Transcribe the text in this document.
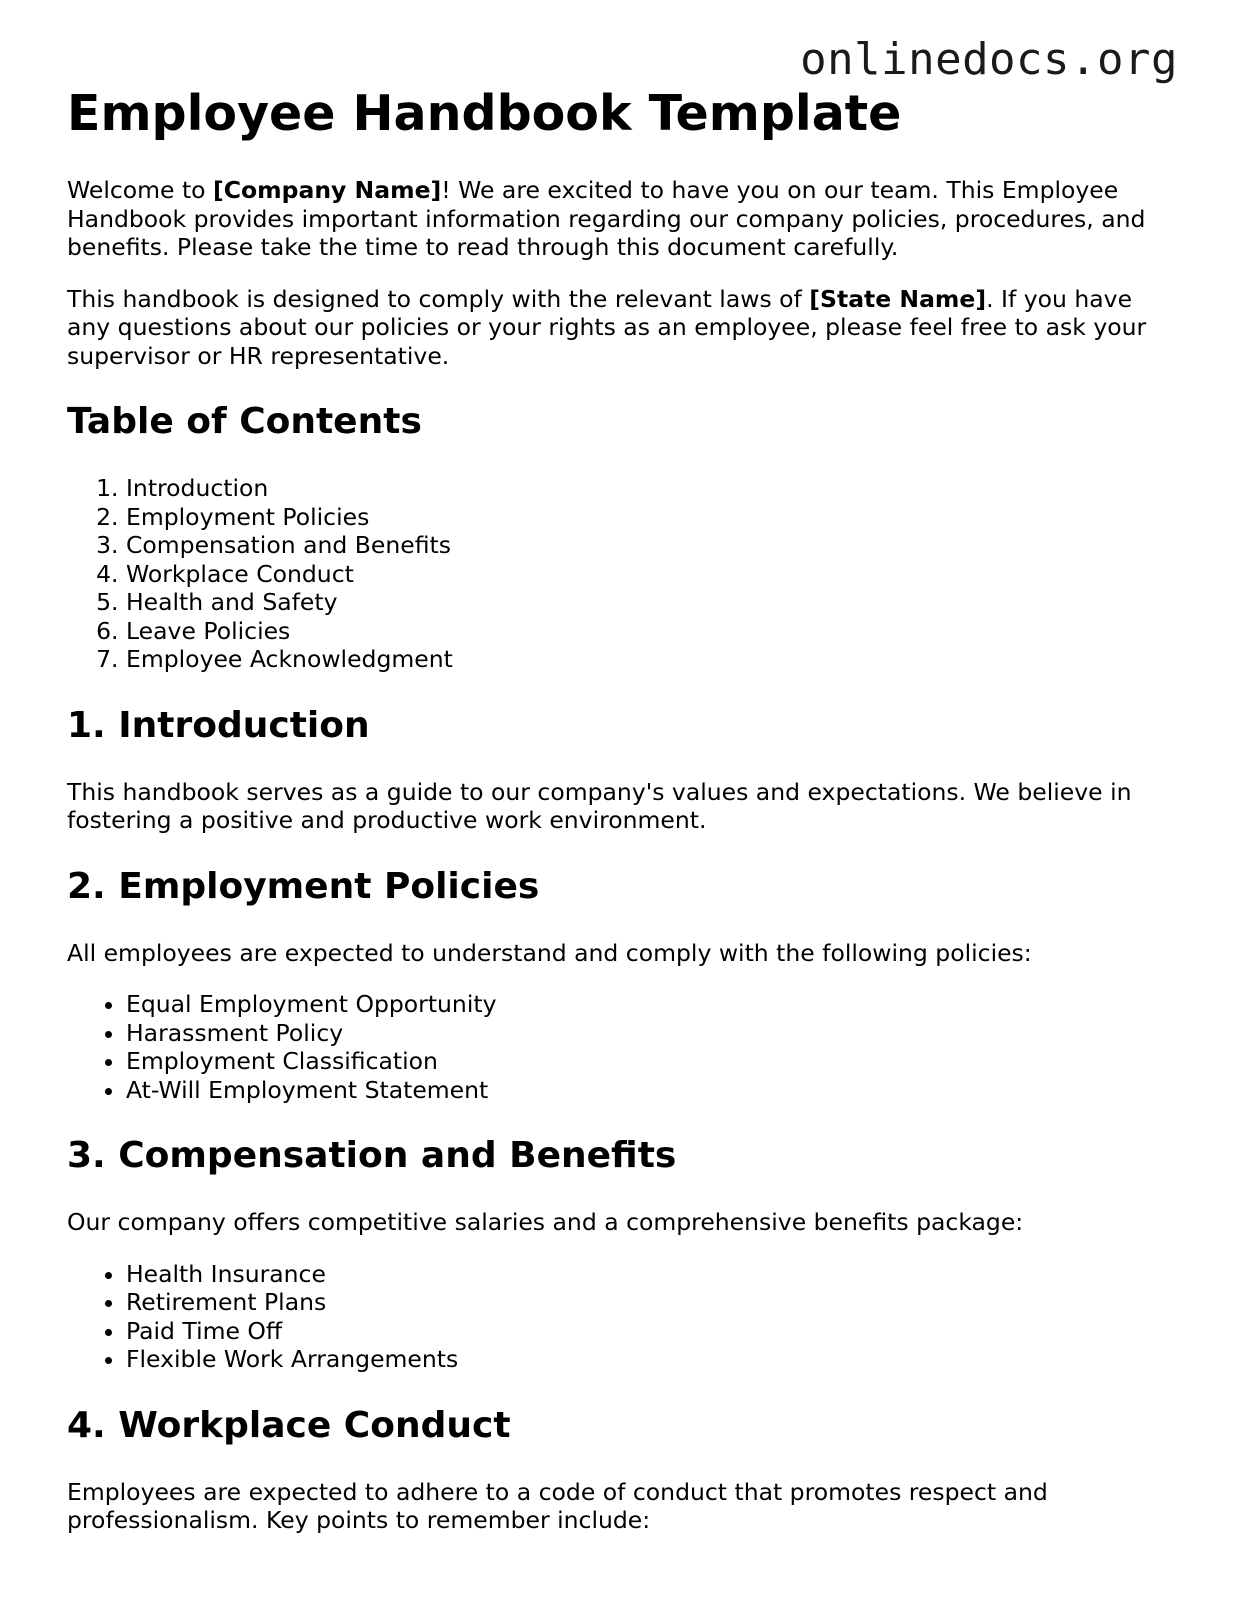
onlinedocs.org
Employee Handbook Template

Welcome to [Company Name]! We are excited to have you on our team. This Employee Handbook provides important information regarding our company policies, procedures, and benefits. Please take the time to read through this document carefully.

This handbook is designed to comply with the relevant laws of [State Name]. If you have any questions about our policies or your rights as an employee, please feel free to ask your supervisor or HR representative.

Table of Contents
1. Introduction
2. Employment Policies
3. Compensation and Benefits
4. Workplace Conduct
5. Health and Safety
6. Leave Policies
7. Employee Acknowledgment
1. Introduction

This handbook serves as a guide to our company's values and expectations. We believe in fostering a positive and productive work environment.

2. Employment Policies

All employees are expected to understand and comply with the following policies:

• Equal Employment Opportunity
• Harassment Policy
• Employment Classification
• At-Will Employment Statement
3. Compensation and Benefits

Our company offers competitive salaries and a comprehensive benefits package:

• Health Insurance
• Retirement Plans
• Paid Time Off
• Flexible Work Arrangements
4. Workplace Conduct

Employees are expected to adhere to a code of conduct that promotes respect and professionalism. Key points to remember include:
